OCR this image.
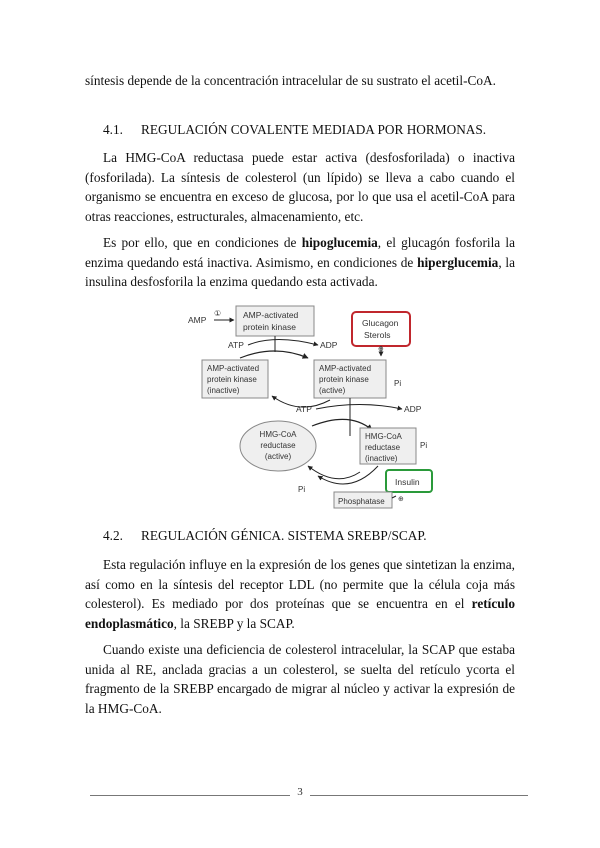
síntesis depende de la concentración intracelular de su sustrato el acetil-CoA.

4.1. REGULACIÓN COVALENTE MEDIADA POR HORMONAS.

La HMG-CoA reductasa puede estar activa (desfosforilada) o inactiva (fosforilada). La síntesis de colesterol (un lípido) se lleva a cabo cuando el organismo se encuentra en exceso de glucosa, por lo que usa el acetil-CoA para otras reacciones, estructurales, almacenamiento, etc.

Es por ello, que en condiciones de hipoglucemia, el glucagón fosforila la enzima quedando está inactiva. Asimismo, en condiciones de hiperglucemia, la insulina desfosforila la enzima quedando esta activada.

AMP
①	AMP-activated
protein kinase
ATP	ADP
Glucagon
Sterols
⊕
AMP-activated
protein kinase
(inactive)
AMP-activated
protein kinase
(active)
Pi
ATP	ADP
HMG-CoA
reductase
(active)
HMG-CoA
reductase
(inactive)
Pi
Insulin
⊕
Phosphatase
Pi

4.2. REGULACIÓN GÉNICA. SISTEMA SREBP/SCAP.

Esta regulación influye en la expresión de los genes que sintetizan la enzima, así como en la síntesis del receptor LDL (no permite que la célula coja más colesterol). Es mediado por dos proteínas que se encuentra en el retículo endoplasmático, la SREBP y la SCAP.

Cuando existe una deficiencia de colesterol intracelular, la SCAP que estaba unida al RE, anclada gracias a un colesterol, se suelta del retículo ycorta el fragmento de la SREBP encargado de migrar al núcleo y activar la expresión de la HMG-CoA.

3
